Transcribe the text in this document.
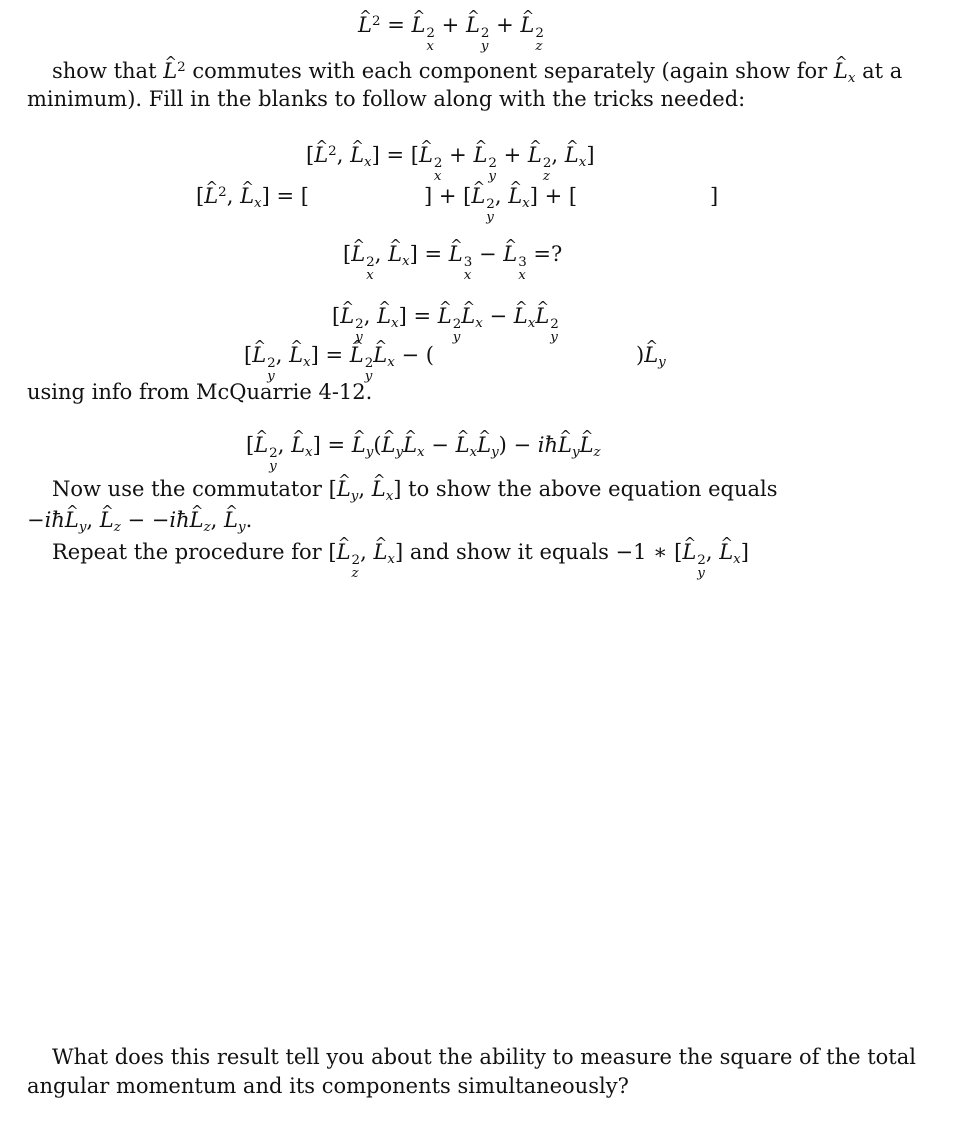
^ $L^2$ = ^ L 2
x
+ ^ L 2
y
+ ^ L 2
z
show that ^ $L^2$ commutes with each component separately (again show for ^ $L_x$ at a
minimum). Fill in the blanks to follow along with the tricks needed:
[^ $L^2$, ^ $L_x$] = [^ L 2
x
+ ^ L 2
y
+ ^ L 2
z
, ^ $L_x$]
[^ $L^2$, ^ $L_x$] = [	] + [^ L 2
y
, ^ $L_x$] + [	]
[^ L 2
x
, ^ $L_x$] = ^ L 3
x
− ^ L 3
x
=?
[^ L 2
y
, ^ $L_x$] = ^ L 2
y
^ $L_x$ − ^ $L_x\^{}$ L 2
y
[^ L 2
y
, ^ $L_x$] = ^ L 2
y
^ $L_x$ − (	)^ $L_y$
using info from McQuarrie 4-12.
[^ L 2
y
, ^ $L_x$] = ^ $L_y(\^{}$ $L_y\^{}$ $L_x$ − ^ $L_x\^{}$ $L_y$) − iħ^ $L_y\^{}$ $L_z$
Now use the commutator [^ $L_y$, ^ $L_x$] to show the above equation equals
−iħ^ $L_y$, ^ $L_z$ − −iħ^ $L_z$, ^ $L_y$.
Repeat the procedure for [^ L 2
z
, ^ $L_x$] and show it equals −1 ∗ [^ L 2
y
, ^ $L_x$]
What does this result tell you about the ability to measure the square of the total
angular momentum and its components simultaneously?
